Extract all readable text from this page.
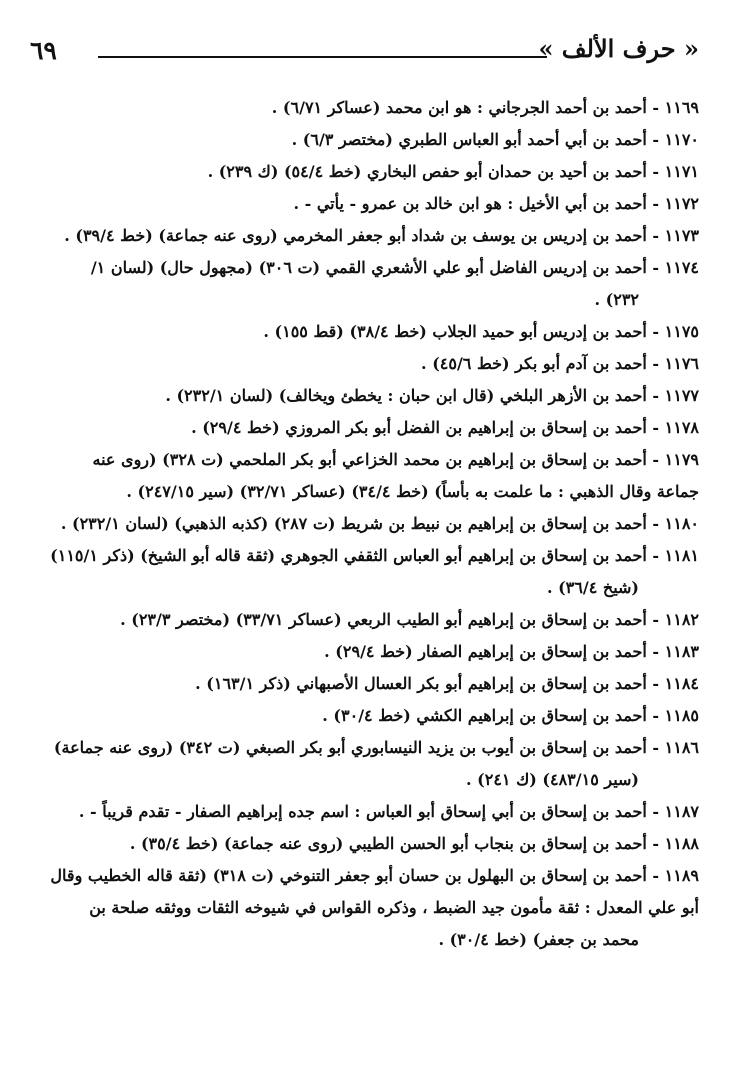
٦٩	« حرف الألف »
١١٦٩ - أحمد بن أحمد الجرجاني : هو ابن محمد (عساكر ٦/٧١) .
١١٧٠ - أحمد بن أبي أحمد أبو العباس الطبري (مختصر ٦/٣) .
١١٧١ - أحمد بن أحيد بن حمدان أبو حفص البخاري (خط ٥٤/٤) (ك ٢٣٩) .
١١٧٢ - أحمد بن أبي الأخيل : هو ابن خالد بن عمرو - يأتي - .
١١٧٣ - أحمد بن إدريس بن يوسف بن شداد أبو جعفر المخرمي (روى عنه جماعة) (خط ٣٩/٤) .
١١٧٤ - أحمد بن إدريس الفاضل أبو علي الأشعري القمي (ت ٣٠٦) (مجهول حال) (لسان ١/
٢٣٢) .
١١٧٥ - أحمد بن إدريس أبو حميد الجلاب (خط ٣٨/٤) (قط ١٥٥) .
١١٧٦ - أحمد بن آدم أبو بكر (خط ٤٥/٦) .
١١٧٧ - أحمد بن الأزهر البلخي (قال ابن حبان : يخطئ ويخالف) (لسان ٢٣٢/١) .
١١٧٨ - أحمد بن إسحاق بن إبراهيم بن الفضل أبو بكر المروزي (خط ٢٩/٤) .
١١٧٩ - أحمد بن إسحاق بن إبراهيم بن محمد الخزاعي أبو بكر الملحمي (ت ٣٢٨) (روى عنه
جماعة وقال الذهبي : ما علمت به بأساً) (خط ٣٤/٤) (عساكر ٣٢/٧١) (سير ٢٤٧/١٥) .
١١٨٠ - أحمد بن إسحاق بن إبراهيم بن نبيط بن شريط (ت ٢٨٧) (كذبه الذهبي) (لسان ٢٣٢/١) .
١١٨١ - أحمد بن إسحاق بن إبراهيم أبو العباس الثقفي الجوهري (ثقة قاله أبو الشيخ) (ذكر ١١٥/١)
(شيخ ٣٦/٤) .
١١٨٢ - أحمد بن إسحاق بن إبراهيم أبو الطيب الربعي (عساكر ٣٣/٧١) (مختصر ٢٣/٣) .
١١٨٣ - أحمد بن إسحاق بن إبراهيم الصفار (خط ٢٩/٤) .
١١٨٤ - أحمد بن إسحاق بن إبراهيم أبو بكر العسال الأصبهاني (ذكر ١٦٣/١) .
١١٨٥ - أحمد بن إسحاق بن إبراهيم الكشي (خط ٣٠/٤) .
١١٨٦ - أحمد بن إسحاق بن أيوب بن يزيد النيسابوري أبو بكر الصبغي (ت ٣٤٢) (روى عنه جماعة)
(سير ٤٨٣/١٥) (ك ٢٤١) .
١١٨٧ - أحمد بن إسحاق بن أبي إسحاق أبو العباس : اسم جده إبراهيم الصفار - تقدم قريباً - .
١١٨٨ - أحمد بن إسحاق بن بنجاب أبو الحسن الطيبي (روى عنه جماعة) (خط ٣٥/٤) .
١١٨٩ - أحمد بن إسحاق بن البهلول بن حسان أبو جعفر التنوخي (ت ٣١٨) (ثقة قاله الخطيب وقال
أبو علي المعدل : ثقة مأمون جيد الضبط ، وذكره القواس في شيوخه الثقات ووثقه صلحة بن
محمد بن جعفر) (خط ٣٠/٤) .
